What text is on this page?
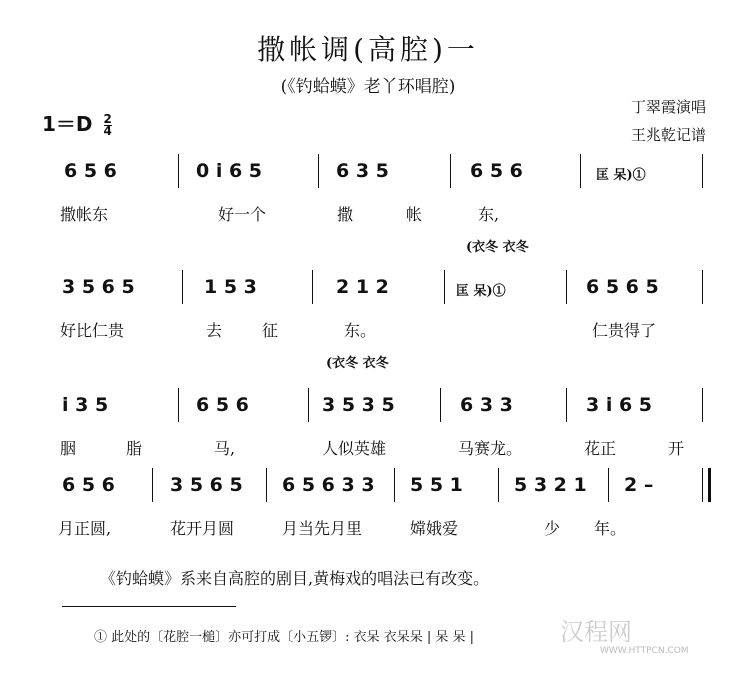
撒帐调(高腔)一
(《钓蛤蟆》老丫环唱腔)
丁翠霞演唱
王兆乾记谱
$1=D \frac{2}{4}$
6 5 6	0 i 6 5	6 3 5	6 5 6	匡 呆)①
撒帐东	好一个	撒	帐	东,
(衣冬 衣冬
3 5 6 5	1 5 3	2 1 2	匡 呆)①	6 5 6 5
好比仁贵	去 征	东。	仁贵得了
(衣冬 衣冬
i 3 5	6 5 6	3 5 3 5	6 3 3	3 i 6 5
胭	脂	马,	人似英雄	马赛龙。	花正	开
6 5 6	3 5 6 5 6 5 6 3 3 5 5 1	5 3 2 1 2 –
月正圆,	花开月圆	月当先月里	嫦娥爱	少 年。
《钓蛤蟆》系来自高腔的剧目,黄梅戏的唱法已有改变。
① 此处的〔花腔一槌〕亦可打成〔小五锣〕: 衣呆 衣呆呆 | 呆 呆 |	汉程网
WWW.HTTPCN.COM
